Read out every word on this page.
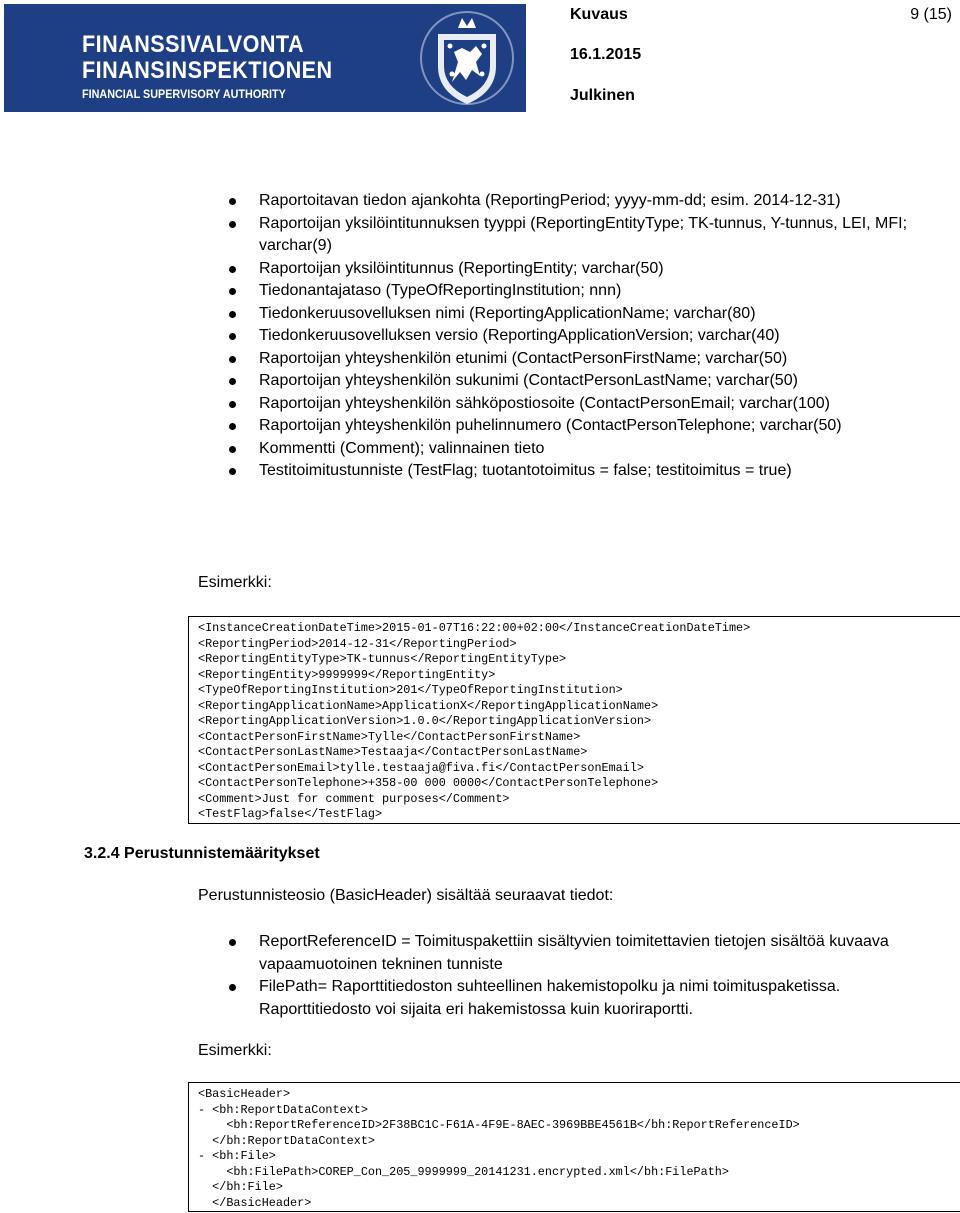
FINANSSIVALVONTA
FINANSINSPEKTIONEN
FINANCIAL SUPERVISORY AUTHORITY
Kuvaus	9 (15)
16.1.2015
Julkinen
Raportoitavan tiedon ajankohta (ReportingPeriod; yyyy-mm-dd; esim. 2014-12-31)
Raportoijan yksilöintitunnuksen tyyppi (ReportingEntityType; TK-tunnus, Y-tunnus, LEI, MFI; varchar(9)
Raportoijan yksilöintitunnus (ReportingEntity; varchar(50)
Tiedonantajataso (TypeOfReportingInstitution; nnn)
Tiedonkeruusovelluksen nimi (ReportingApplicationName; varchar(80)
Tiedonkeruusovelluksen versio (ReportingApplicationVersion; varchar(40)
Raportoijan yhteyshenkilön etunimi (ContactPersonFirstName; varchar(50)
Raportoijan yhteyshenkilön sukunimi (ContactPersonLastName; varchar(50)
Raportoijan yhteyshenkilön sähköpostiosoite (ContactPersonEmail; varchar(100)
Raportoijan yhteyshenkilön puhelinnumero (ContactPersonTelephone; varchar(50)
Kommentti (Comment); valinnainen tieto
Testitoimitustunniste (TestFlag; tuotantotoimitus = false; testitoimitus = true)
Esimerkki:
<InstanceCreationDateTime>2015-01-07T16:22:00+02:00</InstanceCreationDateTime>
<ReportingPeriod>2014-12-31</ReportingPeriod>
<ReportingEntityType>TK-tunnus</ReportingEntityType>
<ReportingEntity>9999999</ReportingEntity>
<TypeOfReportingInstitution>201</TypeOfReportingInstitution>
<ReportingApplicationName>ApplicationX</ReportingApplicationName>
<ReportingApplicationVersion>1.0.0</ReportingApplicationVersion>
<ContactPersonFirstName>Tylle</ContactPersonFirstName>
<ContactPersonLastName>Testaaja</ContactPersonLastName>
<ContactPersonEmail>tylle.testaaja@fiva.fi</ContactPersonEmail>
<ContactPersonTelephone>+358-00 000 0000</ContactPersonTelephone>
<Comment>Just for comment purposes</Comment>
<TestFlag>false</TestFlag>
3.2.4 Perustunnistemääritykset
Perustunnisteosio (BasicHeader) sisältää seuraavat tiedot:
ReportReferenceID = Toimituspakettiin sisältyvien toimitettavien tietojen sisältöä kuvaava vapaamuotoinen tekninen tunniste
FilePath= Raporttitiedoston suhteellinen hakemistopolku ja nimi toimituspaketissa. Raporttitiedosto voi sijaita eri hakemistossa kuin kuoriraportti.
Esimerkki:
<BasicHeader>
- <bh:ReportDataContext>
<bh:ReportReferenceID>2F38BC1C-F61A-4F9E-8AEC-3969BBE4561B</bh:ReportReferenceID>
</bh:ReportDataContext>
- <bh:File>
<bh:FilePath>COREP_Con_205_9999999_20141231.encrypted.xml</bh:FilePath>
</bh:File>
</BasicHeader>
